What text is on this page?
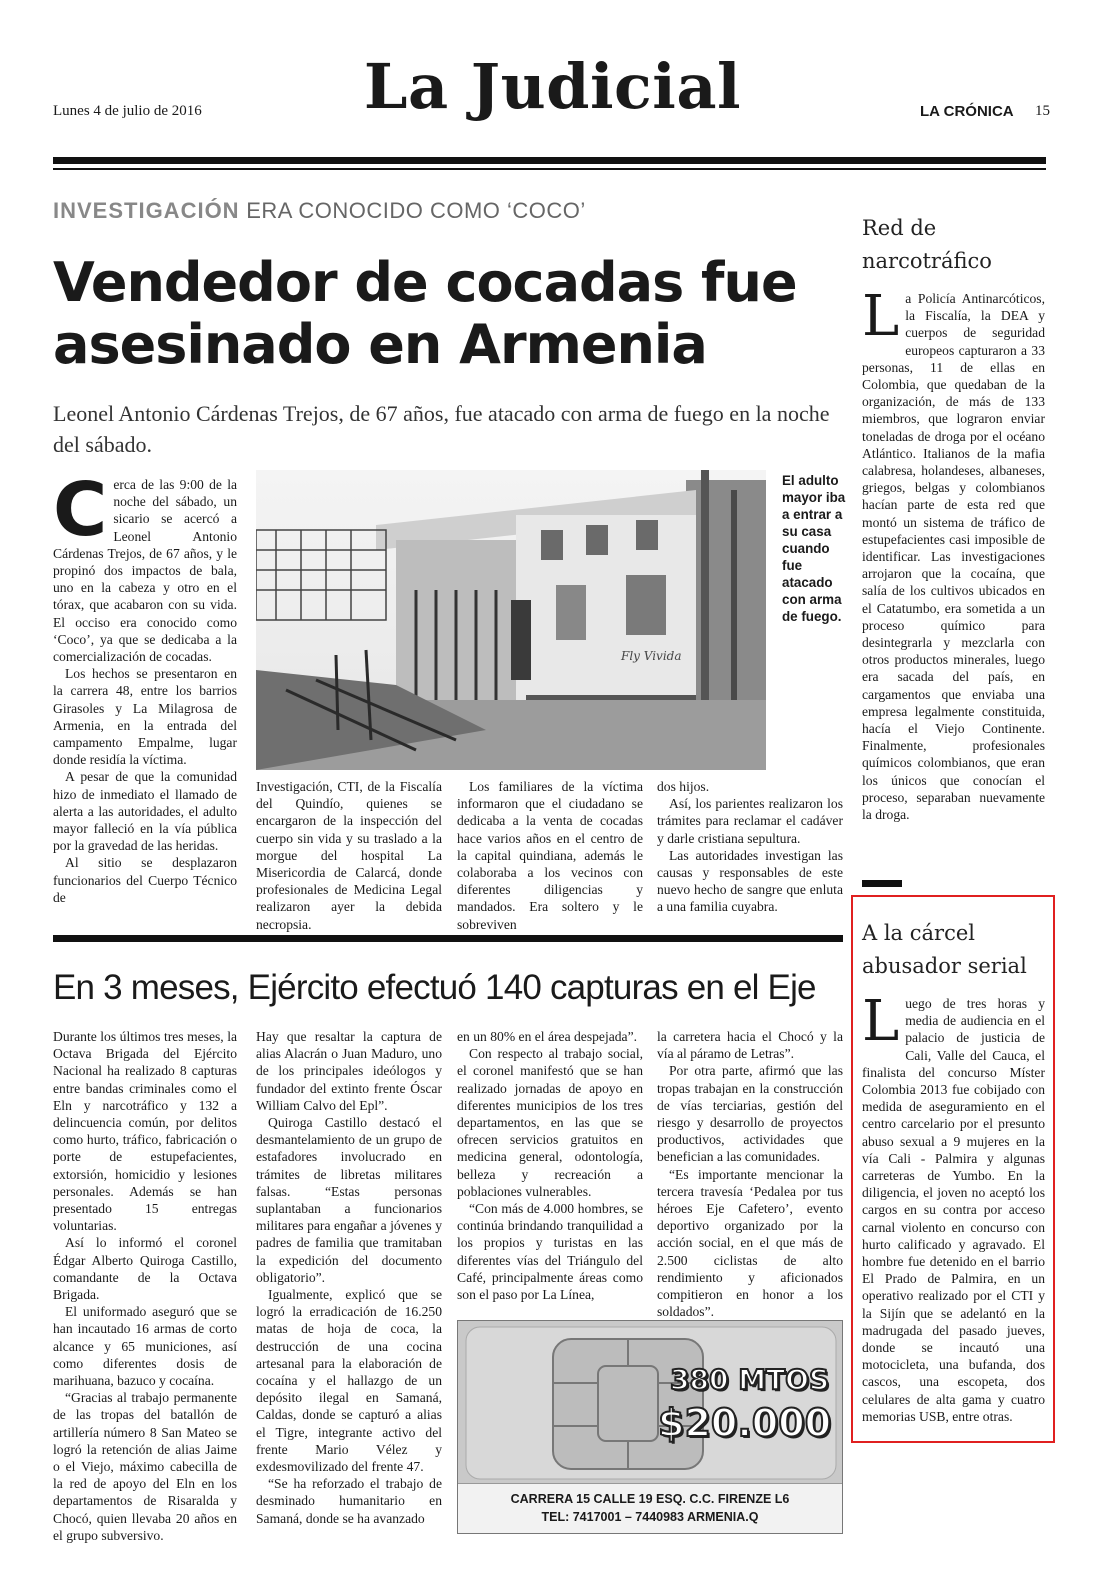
Lunes 4 de julio de 2016	La Judicial	LA CRÓNICA 15
INVESTIGACIÓN ERA CONOCIDO COMO ‘COCO’
Vendedor de cocadas fue
asesinado en Armenia
Leonel Antonio Cárdenas Trejos, de 67 años, fue atacado con arma de fuego en la noche del sábado.

Cerca de las 9:00 de la noche del sábado, un sicario se acercó a Leonel Antonio Cárdenas Trejos, de 67 años, y le propinó dos impactos de bala, uno en la cabeza y otro en el tórax, que acabaron con su vida. El occiso era conocido como ‘Coco’, ya que se dedicaba a la comercialización de cocadas.

Los hechos se presentaron en la carrera 48, entre los barrios Girasoles y La Milagrosa de Armenia, en la entrada del campamento Empalme, lugar donde residía la víctima.

A pesar de que la comunidad hizo de inmediato el llamado de alerta a las autoridades, el adulto mayor falleció en la vía pública por la gravedad de las heridas.

Al sitio se desplazaron funcionarios del Cuerpo Técnico de

Fly Vivida
El adulto mayor iba a entrar a su casa cuando fue atacado con arma de fuego.

Investigación, CTI, de la Fiscalía del Quindío, quienes se encargaron de la inspección del cuerpo sin vida y su traslado a la morgue del hospital La Misericordia de Calarcá, donde profesionales de Medicina Legal realizaron ayer la debida necropsia.

Los familiares de la víctima informaron que el ciudadano se dedicaba a la venta de cocadas hace varios años en el centro de la capital quindiana, además le colaboraba a los vecinos con diferentes diligencias y mandados. Era soltero y le sobreviven

dos hijos.

Así, los parientes realizaron los trámites para reclamar el cadáver y darle cristiana sepultura.

Las autoridades investigan las causas y responsables de este nuevo hecho de sangre que enluta a una familia cuyabra.

Red de
narcotráfico

La Policía Antinarcóticos, la Fiscalía, la DEA y cuerpos de seguridad europeos capturaron a 33 personas, 11 de ellas en Colombia, que quedaban de la organización, de más de 133 miembros, que lograron enviar toneladas de droga por el océano Atlántico. Italianos de la mafia calabresa, holandeses, albaneses, griegos, belgas y colombianos hacían parte de esta red que montó un sistema de tráfico de estupefacientes casi imposible de identificar. Las investigaciones arrojaron que la cocaína, que salía de los cultivos ubicados en el Catatumbo, era sometida a un proceso químico para desintegrarla y mezclarla con otros productos minerales, luego era sacada del país, en cargamentos que enviaba una empresa legalmente constituida, hacía el Viejo Continente. Finalmente, profesionales químicos colombianos, que eran los únicos que conocían el proceso, separaban nuevamente la droga.

A la cárcel
abusador serial

Luego de tres horas y media de audiencia en el palacio de justicia de Cali, Valle del Cauca, el finalista del concurso Míster Colombia 2013 fue cobijado con medida de aseguramiento en el centro carcelario por el presunto abuso sexual a 9 mujeres en la vía Cali - Palmira y algunas carreteras de Yumbo. En la diligencia, el joven no aceptó los cargos en su contra por acceso carnal violento en concurso con hurto calificado y agravado. El hombre fue detenido en el barrio El Prado de Palmira, en un operativo realizado por el CTI y la Sijín que se adelantó en la madrugada del pasado jueves, donde se incautó una motocicleta, una bufanda, dos cascos, una escopeta, dos celulares de alta gama y cuatro memorias USB, entre otras.

En 3 meses, Ejército efectuó 140 capturas en el Eje

Durante los últimos tres meses, la Octava Brigada del Ejército Nacional ha realizado 8 capturas entre bandas criminales como el Eln y narcotráfico y 132 a delincuencia común, por delitos como hurto, tráfico, fabricación o porte de estupefacientes, extorsión, homicidio y lesiones personales. Además se han presentado 15 entregas voluntarias.

Así lo informó el coronel Édgar Alberto Quiroga Castillo, comandante de la Octava Brigada.

El uniformado aseguró que se han incautado 16 armas de corto alcance y 65 municiones, así como diferentes dosis de marihuana, bazuco y cocaína.

“Gracias al trabajo permanente de las tropas del batallón de artillería número 8 San Mateo se logró la retención de alias Jaime o el Viejo, máximo cabecilla de la red de apoyo del Eln en los departamentos de Risaralda y Chocó, quien llevaba 20 años en el grupo subversivo.

Hay que resaltar la captura de alias Alacrán o Juan Maduro, uno de los principales ideólogos y fundador del extinto frente Óscar William Calvo del Epl”.

Quiroga Castillo destacó el desmantelamiento de un grupo de estafadores involucrado en trámites de libretas militares falsas. “Estas personas suplantaban a funcionarios militares para engañar a jóvenes y padres de familia que tramitaban la expedición del documento obligatorio”.

Igualmente, explicó que se logró la erradicación de 16.250 matas de hoja de coca, la destrucción de una cocina artesanal para la elaboración de cocaína y el hallazgo de un depósito ilegal en Samaná, Caldas, donde se capturó a alias el Tigre, integrante activo del frente Mario Vélez y exdesmovilizado del frente 47.

“Se ha reforzado el trabajo de desminado humanitario en Samaná, donde se ha avanzado

en un 80% en el área despejada”.

Con respecto al trabajo social, el coronel manifestó que se han realizado jornadas de apoyo en diferentes municipios de los tres departamentos, en las que se ofrecen servicios gratuitos en medicina general, odontología, belleza y recreación a poblaciones vulnerables.

“Con más de 4.000 hombres, se continúa brindando tranquilidad a los propios y turistas en las diferentes vías del Triángulo del Café, principalmente áreas como son el paso por La Línea,

la carretera hacia el Chocó y la vía al páramo de Letras”.

Por otra parte, afirmó que las tropas trabajan en la construcción de vías terciarias, gestión del riesgo y desarrollo de proyectos productivos, actividades que benefician a las comunidades.

“Es importante mencionar la tercera travesía ‘Pedalea por tus héroes Eje Cafetero’, evento deportivo organizado por la acción social, en el que más de 2.500 ciclistas de alto rendimiento y aficionados compitieron en honor a los soldados”.

380 MTOS
$20.000
CARRERA 15 CALLE 19 ESQ. C.C. FIRENZE L6
TEL: 7417001 – 7440983 ARMENIA.Q
